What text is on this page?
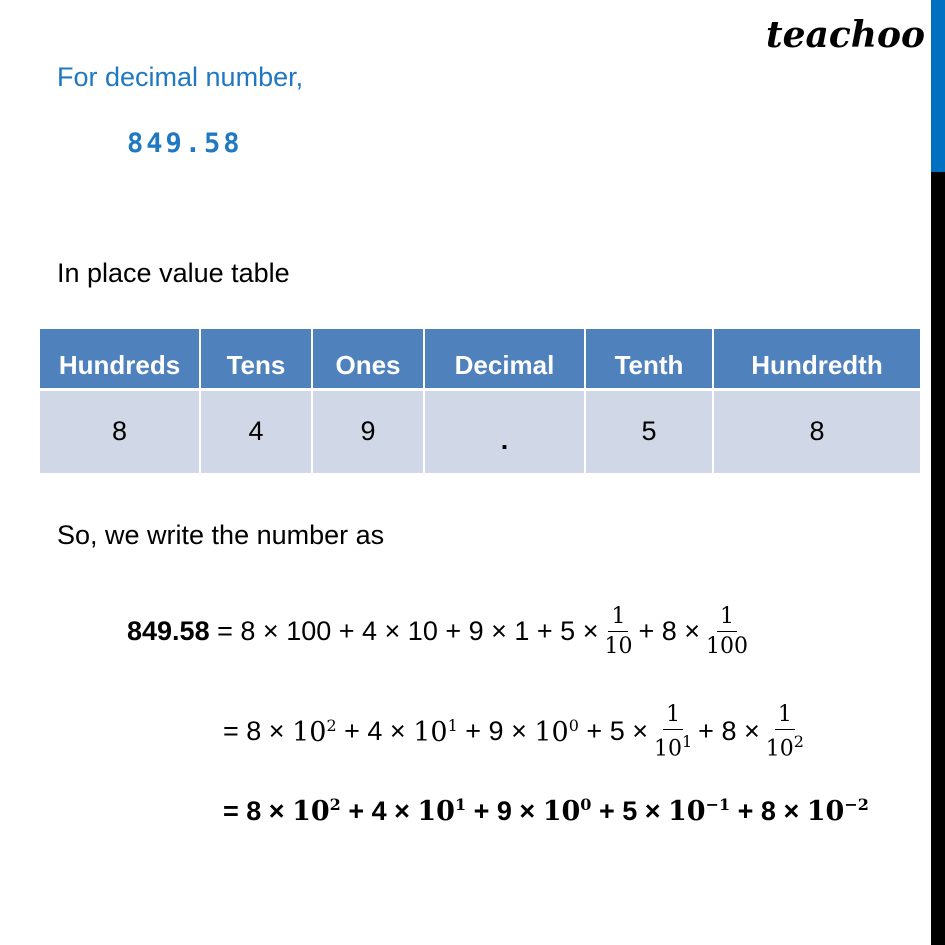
teachoo
For decimal number,
849.58
In place value table
Hundreds	Tens	Ones	Decimal	Tenth	Hundredth
8	4	9	.	5	8
So, we write the number as
849.58
=
$8 \times 100 + 4 \times 10 + 9 \times 1 + 5 \times \frac{1}{10} + 8 \times \frac{1}{100}$
= 8 ×
$10^2$
+ 4 ×
$10^1$
+ 9 ×
$10^0$
+ $5 \times \frac{1}{10^1} + 8 \times \frac{1}{10^2}$
= 8 ×
$10^2$
+ 4 ×
$10^1$
+ 9 ×
$10^0$
+ 5 ×
$10^{-1}$
+ 8 ×
$10^{-2}$
